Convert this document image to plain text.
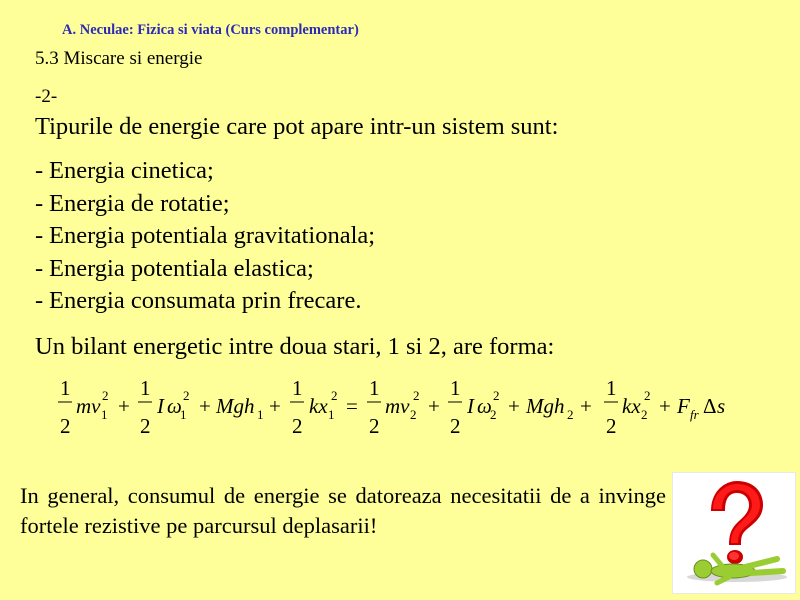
A. Neculae: Fizica si viata (Curs complementar)
5.3 Miscare si energie
-2-
Tipurile de energie care pot apare intr-un sistem sunt:
- Energia cinetica;
- Energia de rotatie;
- Energia potentiala gravitationala;
- Energia potentiala elastica;
- Energia consumata prin frecare.
Un bilant energetic intre doua stari, 1 si 2, are forma:
1
2
mv 1
2 +
1
2
I ω
1
2 + Mgh 1 +
1
2
kx 1
2 =
1
2
mv 2
2 +
1
2
I ω
2
2 + Mgh 2 +
1
2
kx 2
2 + F fr Δ s
In general, consumul de energie se datoreaza necesitatii de a invinge fortele rezistive pe parcursul deplasarii!
